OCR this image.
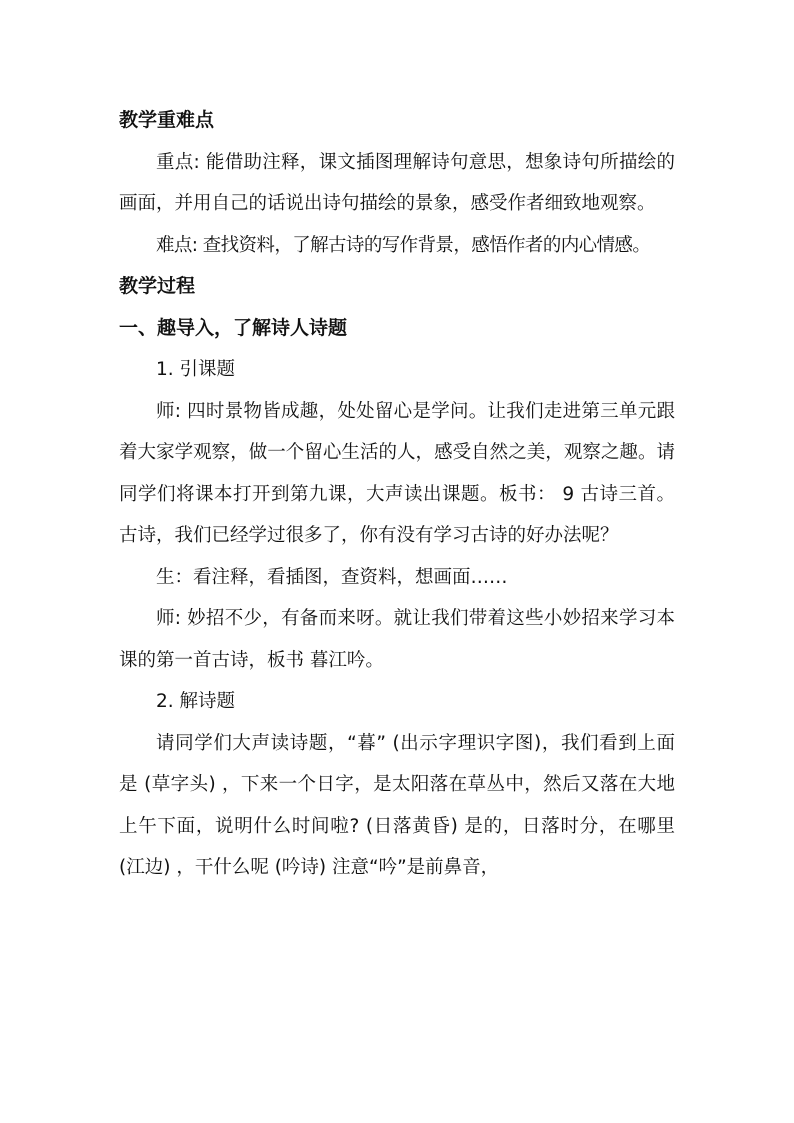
教学重难点

重点: 能借助注释，课文插图理解诗句意思，想象诗句所描绘的画面，并用自己的话说出诗句描绘的景象，感受作者细致地观察。

难点: 查找资料，了解古诗的写作背景，感悟作者的内心情感。

教学过程

一、趣导入，了解诗人诗题

1. 引课题

师: 四时景物皆成趣，处处留心是学问。让我们走进第三单元跟着大家学观察，做一个留心生活的人，感受自然之美，观察之趣。请同学们将课本打开到第九课，大声读出课题。板书： 9 古诗三首。古诗，我们已经学过很多了，你有没有学习古诗的好办法呢？

生：看注释，看插图，查资料，想画面……

师: 妙招不少，有备而来呀。就让我们带着这些小妙招来学习本课的第一首古诗，板书 暮江吟。

2. 解诗题

请同学们大声读诗题，“暮” (出示字理识字图)，我们看到上面是 (草字头) ，下来一个日字，是太阳落在草丛中，然后又落在大地上午下面，说明什么时间啦? (日落黄昏) 是的，日落时分，在哪里 (江边) ，干什么呢 (吟诗) 注意“吟”是前鼻音，
